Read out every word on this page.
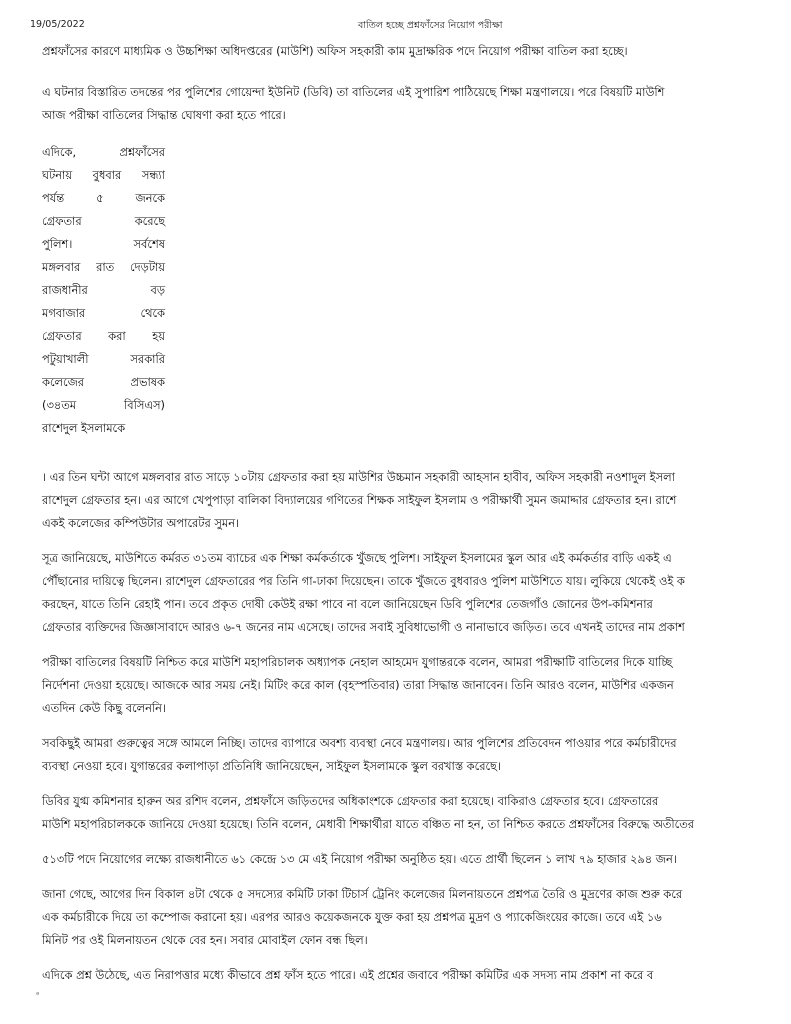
19/05/2022	বাতিল হচ্ছে প্রশ্নফাঁসের নিয়োগ পরীক্ষা

প্রশ্নফাঁসের কারণে মাধ্যমিক ও উচ্চশিক্ষা অধিদপ্তরের (মাউশি) অফিস সহকারী কাম মুদ্রাক্ষরিক পদে নিয়োগ পরীক্ষা বাতিল করা হচ্ছে।

এ ঘটনার বিস্তারিত তদন্তের পর পুলিশের গোয়েন্দা ইউনিট (ডিবি) তা বাতিলের এই সুপারিশ পাঠিয়েছে শিক্ষা মন্ত্রণালয়ে। পরে বিষয়টি মাউশি

আজ পরীক্ষা বাতিলের সিদ্ধান্ত ঘোষণা করা হতে পারে।

এদিকে, প্রশ্নফাঁসের
ঘটনায় বুধবার সন্ধ্যা
পর্যন্ত ৫ জনকে
গ্রেফতার করেছে
পুলিশ। সর্বশেষ
মঙ্গলবার রাত দেড়টায়
রাজধানীর বড়
মগবাজার থেকে
গ্রেফতার করা হয়
পটুয়াখালী সরকারি
কলেজের প্রভাষক
(৩৪তম বিসিএস)
রাশেদুল ইসলামকে

। এর তিন ঘন্টা আগে মঙ্গলবার রাত সাড়ে ১০টায় গ্রেফতার করা হয় মাউশির উচ্চমান সহকারী আহসান হাবীব, অফিস সহকারী নওশাদুল ইসলা

রাশেদুল গ্রেফতার হন। এর আগে খেপুপাড়া বালিকা বিদ্যালয়ের গণিতের শিক্ষক সাইফুল ইসলাম ও পরীক্ষার্থী সুমন জমাদ্দার গ্রেফতার হন। রাশে

একই কলেজের কম্পিউটার অপারেটর সুমন।

সূত্র জানিয়েছে, মাউশিতে কর্মরত ৩১তম ব্যাচের এক শিক্ষা কর্মকর্তাকে খুঁজছে পুলিশ। সাইফুল ইসলামের স্কুল আর এই কর্মকর্তার বাড়ি একই এ

পৌঁছানোর দায়িত্বে ছিলেন। রাশেদুল গ্রেফতারের পর তিনি গা-ঢাকা দিয়েছেন। তাকে খুঁজতে বুধবারও পুলিশ মাউশিতে যায়। লুকিয়ে থেকেই ওই ক

করছেন, যাতে তিনি রেহাই পান। তবে প্রকৃত দোষী কেউই রক্ষা পাবে না বলে জানিয়েছেন ডিবি পুলিশের তেজগাঁও জোনের উপ-কমিশনার

গ্রেফতার ব্যক্তিদের জিজ্ঞাসাবাদে আরও ৬-৭ জনের নাম এসেছে। তাদের সবাই সুবিধাভোগী ও নানাভাবে জড়িত। তবে এখনই তাদের নাম প্রকাশ

পরীক্ষা বাতিলের বিষয়টি নিশ্চিত করে মাউশি মহাপরিচালক অধ্যাপক নেহাল আহমেদ যুগান্তরকে বলেন, আমরা পরীক্ষাটি বাতিলের দিকে যাচ্ছি

নির্দেশনা দেওয়া হয়েছে। আজকে আর সময় নেই। মিটিং করে কাল (বৃহস্পতিবার) তারা সিদ্ধান্ত জানাবেন। তিনি আরও বলেন, মাউশির একজন

এতদিন কেউ কিছু বলেননি।

সবকিছুই আমরা গুরুত্বের সঙ্গে আমলে নিচ্ছি। তাদের ব্যাপারে অবশ্য ব্যবস্থা নেবে মন্ত্রণালয়। আর পুলিশের প্রতিবেদন পাওয়ার পরে কর্মচারীদের

ব্যবস্থা নেওয়া হবে। যুগান্তরের কলাপাড়া প্রতিনিধি জানিয়েছেন, সাইফুল ইসলামকে স্কুল বরখাস্ত করেছে।

ডিবির যুগ্ম কমিশনার হারুন অর রশিদ বলেন, প্রশ্নফাঁসে জড়িতদের অধিকাংশকে গ্রেফতার করা হয়েছে। বাকিরাও গ্রেফতার হবে। গ্রেফতারের

মাউশি মহাপরিচালককে জানিয়ে দেওয়া হয়েছে। তিনি বলেন, মেধাবী শিক্ষার্থীরা যাতে বঞ্চিত না হন, তা নিশ্চিত করতে প্রশ্নফাঁসের বিরুদ্ধে অতীতের

৫১৩টি পদে নিয়োগের লক্ষ্যে রাজধানীতে ৬১ কেন্দ্রে ১৩ মে এই নিয়োগ পরীক্ষা অনুষ্ঠিত হয়। এতে প্রার্থী ছিলেন ১ লাখ ৭৯ হাজার ২৯৪ জন।

জানা গেছে, আগের দিন বিকাল ৪টা থেকে ৫ সদস্যের কমিটি ঢাকা টিচার্স ট্রেনিং কলেজের মিলনায়তনে প্রশ্নপত্র তৈরি ও মুদ্রণের কাজ শুরু করে

এক কর্মচারীকে দিয়ে তা কম্পোজ করানো হয়। এরপর আরও কয়েকজনকে যুক্ত করা হয় প্রশ্নপত্র মুদ্রণ ও প্যাকেজিংয়ের কাজে। তবে এই ১৬

মিনিট পর ওই মিলনায়তন থেকে বের হন। সবার মোবাইল ফোন বন্ধ ছিল।

এদিকে প্রশ্ন উঠেছে, এত নিরাপত্তার মধ্যে কীভাবে প্রশ্ন ফাঁস হতে পারে। এই প্রশ্নের জবাবে পরীক্ষা কমিটির এক সদস্য নাম প্রকাশ না করে ব

ᵃ
